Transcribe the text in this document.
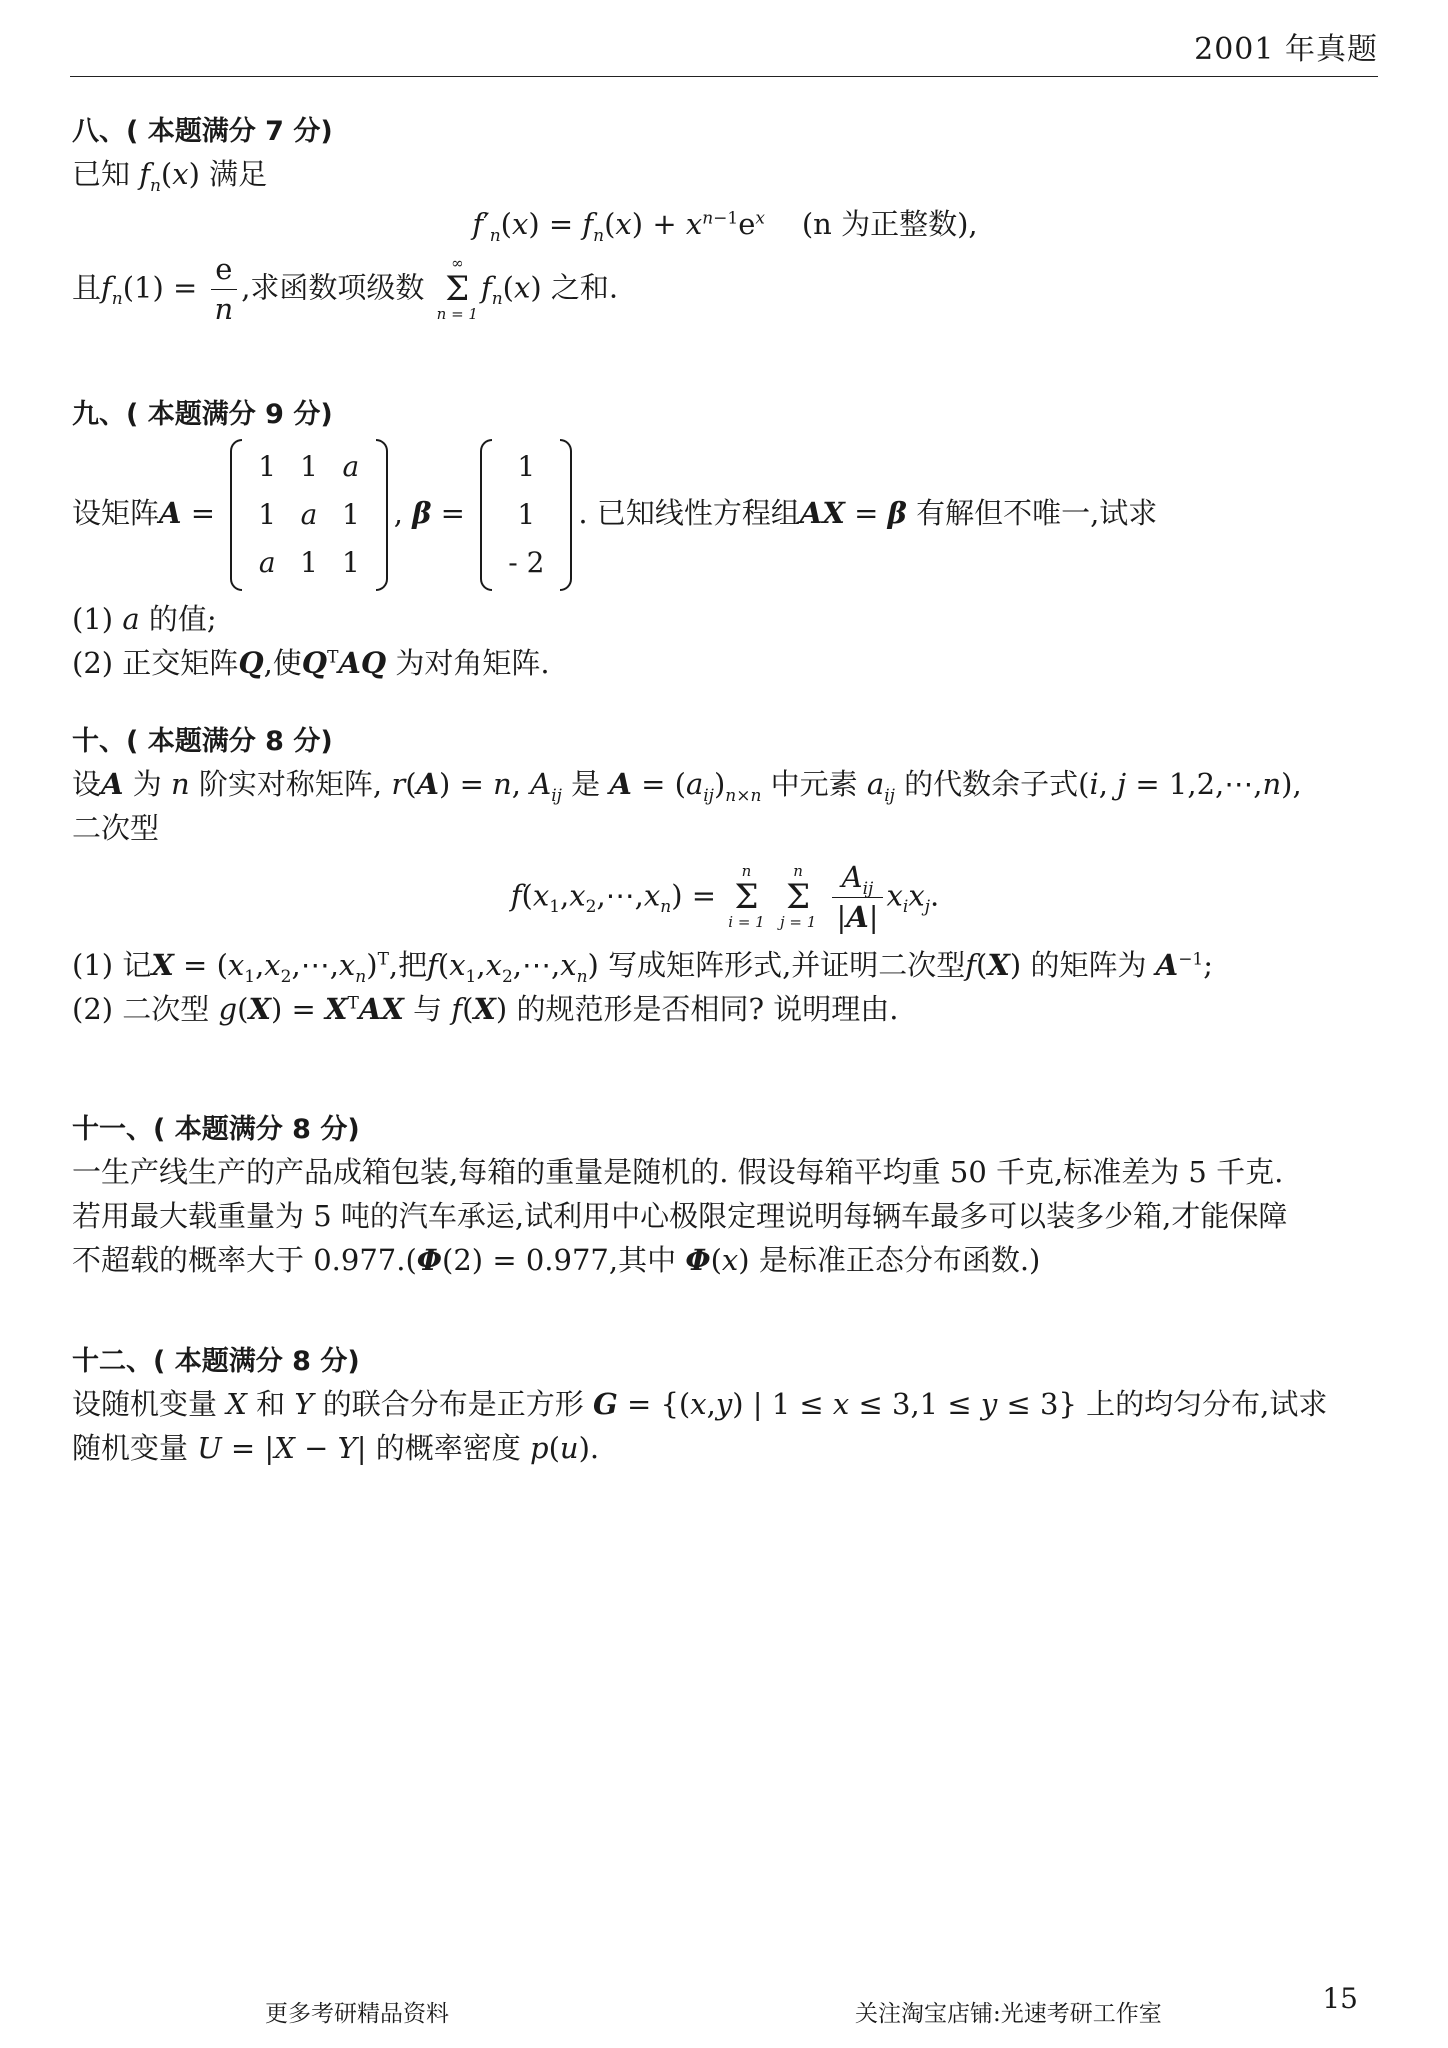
2001 年真题
八、( 本题满分 7 分)
已知 $f_n(x)$ 满足
$f'_n(x) = f_n(x) + x^{n-1}e^x$ (n 为正整数),
且$f_n(1) = \frac{e}{n}$ ,求函数项级数
∞
Σ
n = 1
$f_n(x)$ 之和.
九、( 本题满分 9 分)
设矩阵A =
1	1	a
1	a	1
a	1	1
, β =
1
1
- 2
. 已知线性方程组AX = β 有解但不唯一,试求
(1) a 的值;
(2) 正交矩阵Q,使$Q^TAQ$ 为对角矩阵.
十、( 本题满分 8 分)
设A 为 n 阶实对称矩阵, r(A) = n, $A_{ij}$ 是 $A = (a_{ij})_{n\times n}$ 中元素 $a_{ij}$ 的代数余子式(i, j = 1,2,⋯,n),
二次型
$f(x_1,x_2,\cdots,x_n)$ =
n
Σ
i = 1

n
Σ
j = 1
$\frac{A_{ij}}{|A|} x_ix_j$.
(1) 记$X = (x_1,x_2,\cdots,x_n)^T$,把$f(x_1,x_2,\cdots,x_n)$ 写成矩阵形式,并证明二次型f(X) 的矩阵为 $A^{-1}$;
(2) 二次型 $g(X) = X^TAX$ 与 f(X) 的规范形是否相同? 说明理由.
十一、( 本题满分 8 分)
一生产线生产的产品成箱包装,每箱的重量是随机的. 假设每箱平均重 50 千克,标准差为 5 千克.
若用最大载重量为 5 吨的汽车承运,试利用中心极限定理说明每辆车最多可以装多少箱,才能保障
不超载的概率大于 0.977.(Φ(2) = 0.977,其中 Φ(x) 是标准正态分布函数.)
十二、( 本题满分 8 分)
设随机变量 X 和 Y 的联合分布是正方形 G = {(x,y) | 1 ≤ x ≤ 3,1 ≤ y ≤ 3} 上的均匀分布,试求
随机变量 U = |X − Y| 的概率密度 p(u).
更多考研精品资料	关注淘宝店铺:光速考研工作室	15
